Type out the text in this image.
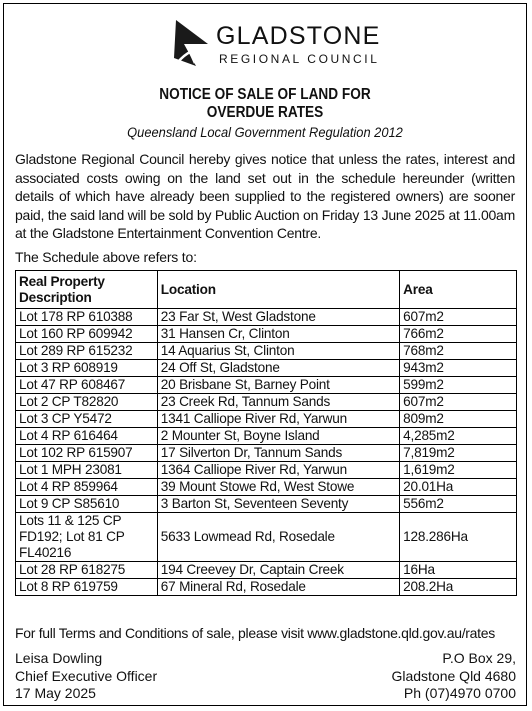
GLADSTONE
REGIONAL COUNCIL
NOTICE OF SALE OF LAND FOR
OVERDUE RATES
Queensland Local Government Regulation 2012
Gladstone Regional Council hereby gives notice that unless the rates, interest and associated costs owing on the land set out in the schedule hereunder (written details of which have already been supplied to the registered owners) are sooner paid, the said land will be sold by Public Auction on Friday 13 June 2025 at 11.00am at the Gladstone Entertainment Convention Centre.
The Schedule above refers to:
Real Property Description	Location	Area
Lot 178 RP 610388	23 Far St, West Gladstone	607m2
Lot 160 RP 609942	31 Hansen Cr, Clinton	766m2
Lot 289 RP 615232	14 Aquarius St, Clinton	768m2
Lot 3 RP 608919	24 Off St, Gladstone	943m2
Lot 47 RP 608467	20 Brisbane St, Barney Point	599m2
Lot 2 CP T82820	23 Creek Rd, Tannum Sands	607m2
Lot 3 CP Y5472	1341 Calliope River Rd, Yarwun	809m2
Lot 4 RP 616464	2 Mounter St, Boyne Island	4,285m2
Lot 102 RP 615907	17 Silverton Dr, Tannum Sands	7,819m2
Lot 1 MPH 23081	1364 Calliope River Rd, Yarwun	1,619m2
Lot 4 RP 859964	39 Mount Stowe Rd, West Stowe	20.01Ha
Lot 9 CP S85610	3 Barton St, Seventeen Seventy	556m2
Lots 11 & 125 CP FD192; Lot 81 CP FL40216	5633 Lowmead Rd, Rosedale	128.286Ha
Lot 28 RP 618275	194 Creevey Dr, Captain Creek	16Ha
Lot 8 RP 619759	67 Mineral Rd, Rosedale	208.2Ha
For full Terms and Conditions of sale, please visit www.gladstone.qld.gov.au/rates
Leisa Dowling
Chief Executive Officer
17 May 2025
P.O Box 29,
Gladstone Qld 4680
Ph (07)4970 0700
